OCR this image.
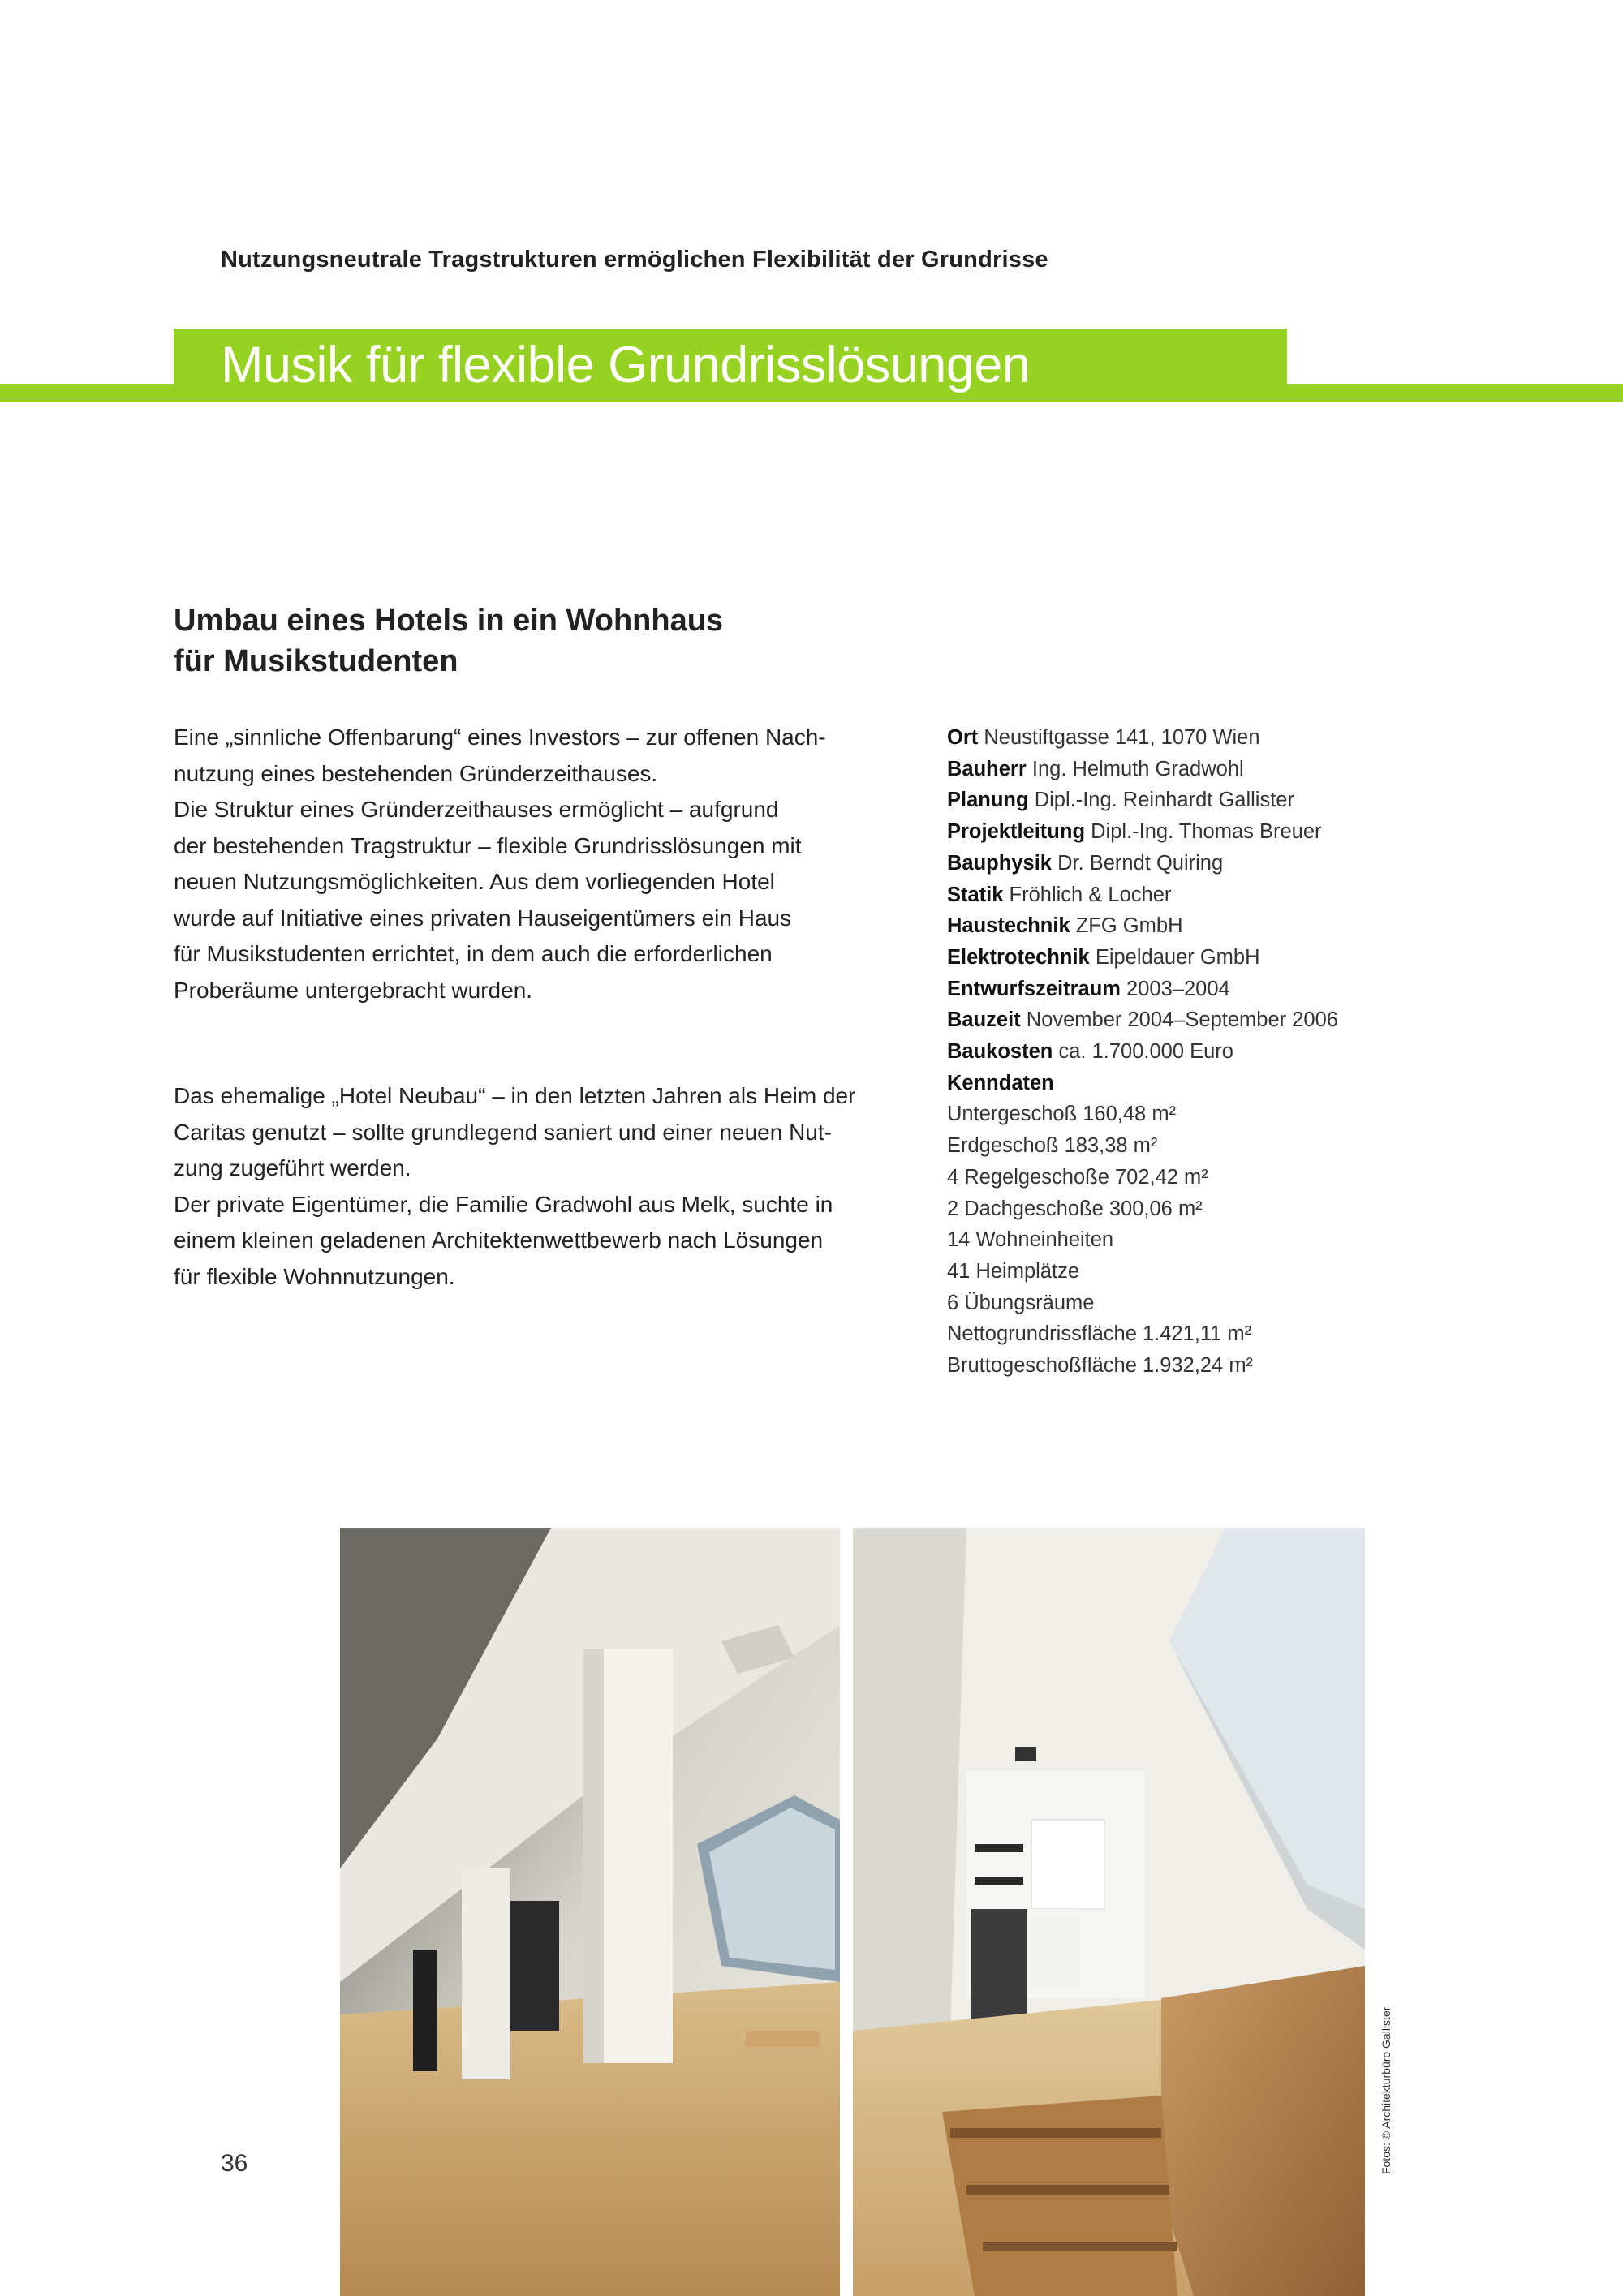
Nutzungsneutrale Tragstrukturen ermöglichen Flexibilität der Grundrisse
Musik für flexible Grundrisslösungen
Umbau eines Hotels in ein Wohnhaus
für Musikstudenten
Eine „sinnliche Offenbarung“ eines Investors – zur offenen Nach-
nutzung eines bestehenden Gründerzeithauses.
Die Struktur eines Gründerzeithauses ermöglicht – aufgrund
der bestehenden Tragstruktur – flexible Grundrisslösungen mit
neuen Nutzungsmöglichkeiten. Aus dem vorliegenden Hotel
wurde auf Initiative eines privaten Hauseigentümers ein Haus
für Musikstudenten errichtet, in dem auch die erforderlichen
Proberäume untergebracht wurden.
Das ehemalige „Hotel Neubau“ – in den letzten Jahren als Heim der
Caritas genutzt – sollte grundlegend saniert und einer neuen Nut-
zung zugeführt werden.
Der private Eigentümer, die Familie Gradwohl aus Melk, suchte in
einem kleinen geladenen Architektenwettbewerb nach Lösungen
für flexible Wohnnutzungen.
Ort Neustiftgasse 141, 1070 Wien
Bauherr Ing. Helmuth Gradwohl
Planung Dipl.-Ing. Reinhardt Gallister
Projektleitung Dipl.-Ing. Thomas Breuer
Bauphysik Dr. Berndt Quiring
Statik Fröhlich & Locher
Haustechnik ZFG GmbH
Elektrotechnik Eipeldauer GmbH
Entwurfszeitraum 2003–2004
Bauzeit November 2004–September 2006
Baukosten ca. 1.700.000 Euro
Kenndaten
Untergeschoß 160,48 m²
Erdgeschoß 183,38 m²
4 Regelgeschoße 702,42 m²
2 Dachgeschoße 300,06 m²
14 Wohneinheiten
41 Heimplätze
6 Übungsräume
Nettogrundrissfläche 1.421,11 m²
Bruttogeschoßfläche 1.932,24 m²
36	Fotos: © Architekturbüro Gallister
